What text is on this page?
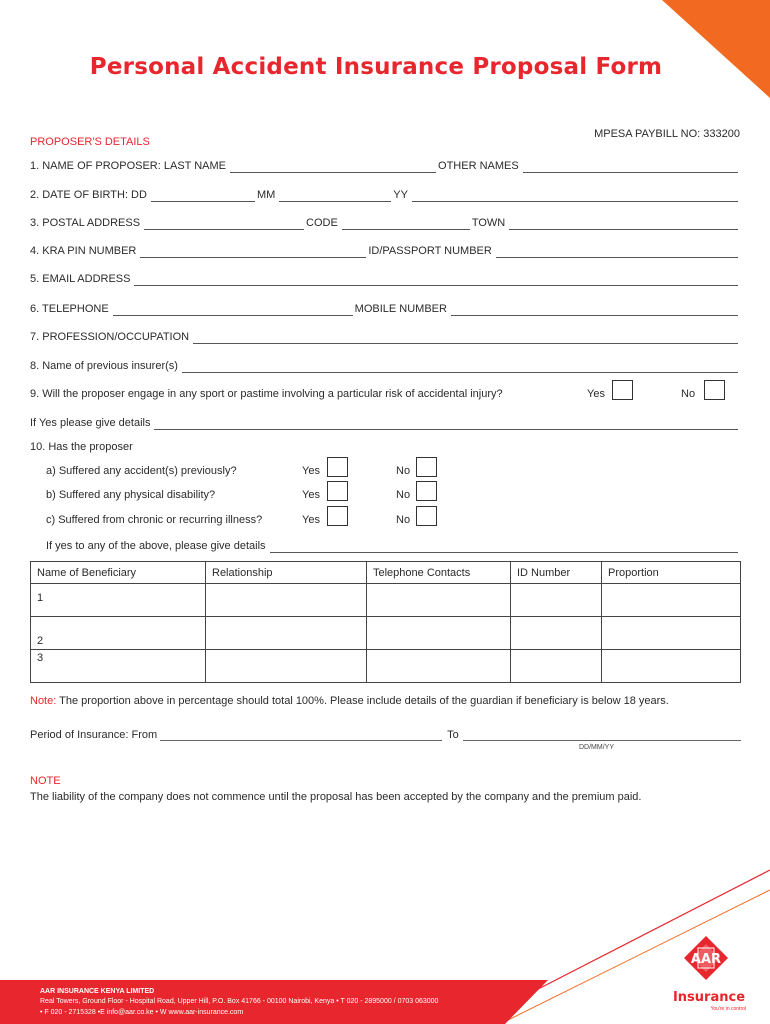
Personal Accident Insurance Proposal Form
PROPOSER'S DETAILS
MPESA PAYBILL NO: 333200
1. NAME OF PROPOSER: LAST NAME	OTHER NAMES
2. DATE OF BIRTH: DD	MM	YY
3. POSTAL ADDRESS	CODE	TOWN
4. KRA PIN NUMBER	ID/PASSPORT NUMBER
5. EMAIL ADDRESS
6. TELEPHONE	MOBILE NUMBER
7. PROFESSION/OCCUPATION
8. Name of previous insurer(s)
9. Will the proposer engage in any sport or pastime involving a particular risk of accidental injury?	Yes	No
If Yes please give details
10. Has the proposer
a) Suffered any accident(s) previously?	Yes	No
b) Suffered any physical disability?	Yes	No
c) Suffered from chronic or recurring illness?	Yes	No
If yes to any of the above, please give details
Name of Beneficiary	Relationship	Telephone Contacts	ID Number	Proportion
1				
2				
3				
Note: The proportion above in percentage should total 100%. Please include details of the guardian if beneficiary is below 18 years.
Period of Insurance: From	To
DD/MM/YY
NOTE
The liability of the company does not commence until the proposal has been accepted by the company and the premium paid.
AAR INSURANCE KENYA LIMITED
Real Towers, Ground Floor - Hospital Road, Upper Hill, P.O. Box 41766 - 00100 Nairobi, Kenya • T 020 - 2895000 / 0703 063000
• F 020 - 2715328 •E info@aar.co.ke • W www.aar-insurance.com
AAR
Insurance
You're in control
